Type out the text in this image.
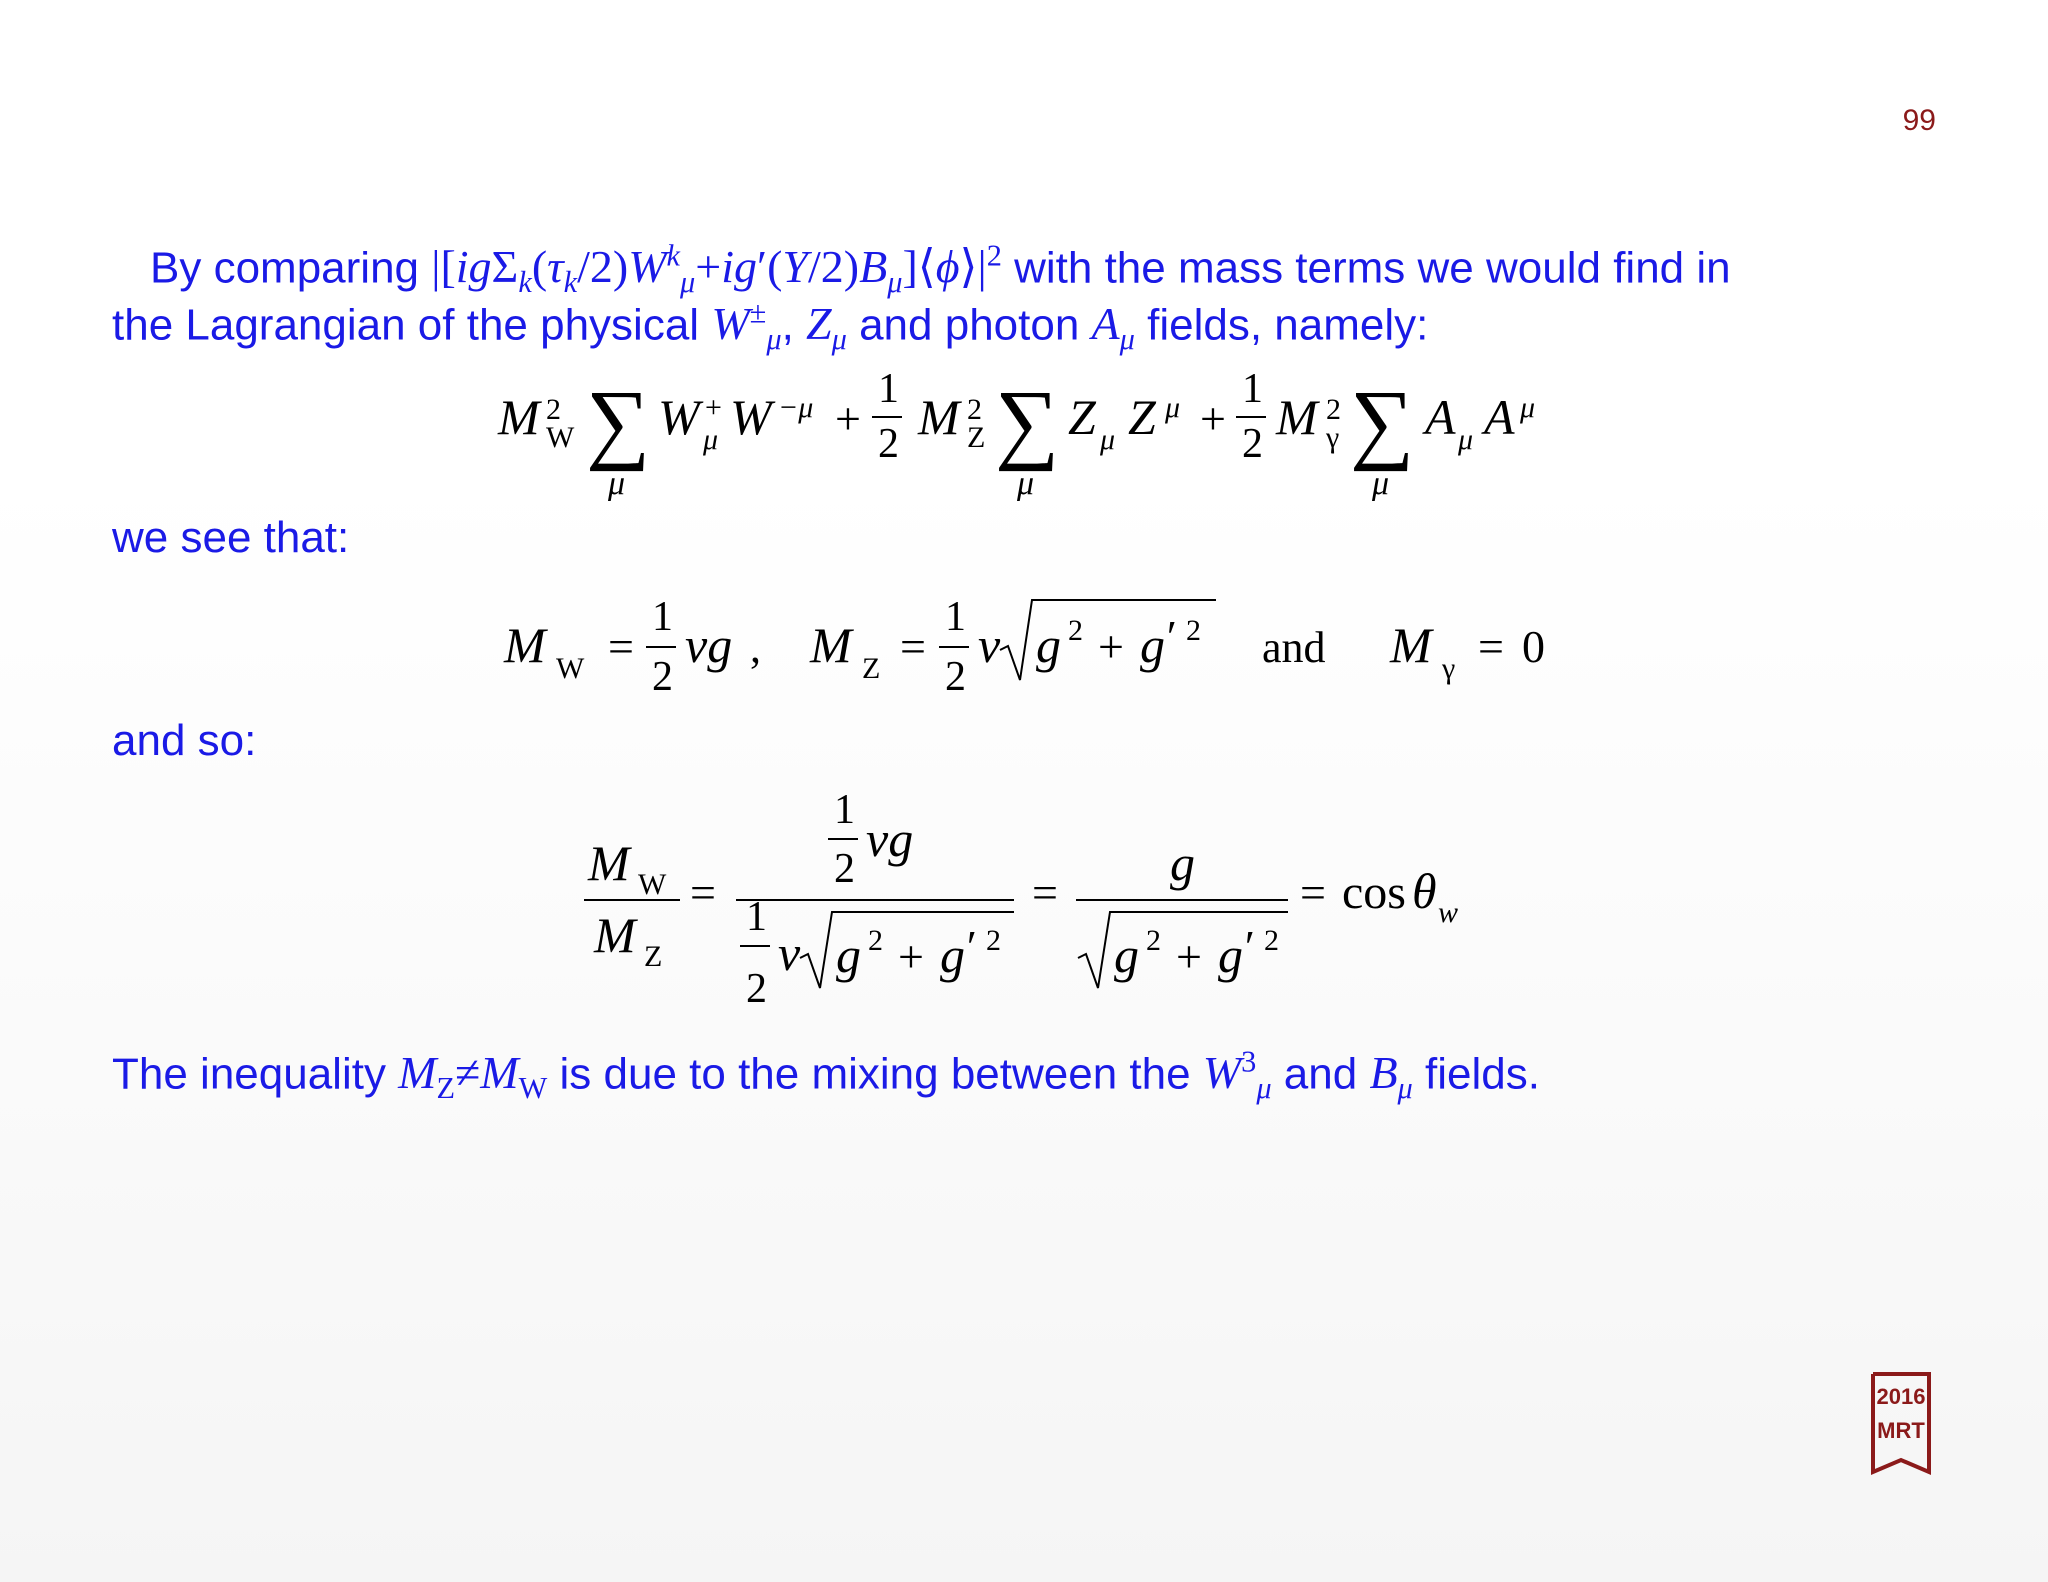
99
By comparing $|[ig\Sigma_k(\tau_k/2)W^k_\mu+ig'(Y/2)B_\mu]⟨\phi⟩|^2$ with the mass terms we would find in
the Lagrangian of the physical $W^\pm_\mu$, $Z_\mu$ and photon $A_\mu$ fields, namely:
M 2
W ∑
μ
W +
μ W −μ +
1
2 M 2
Z ∑
μ
Z μ Z μ +
1
2 M 2
γ ∑
μ
A μ A μ
we see that:
M W =
1
2
vg , M Z =
1
2
v g 2 + g ′ 2 and M γ = 0
and so:
M W
M Z
=
1
2
vg
1
2
v g 2 + g ′ 2
=
g
g 2 + g ′ 2
= cos θ w
The inequality $M_Z\ne M_W$ is due to the mixing between the $W^3_\mu$ and $B_\mu$ fields.
2016
MRT
